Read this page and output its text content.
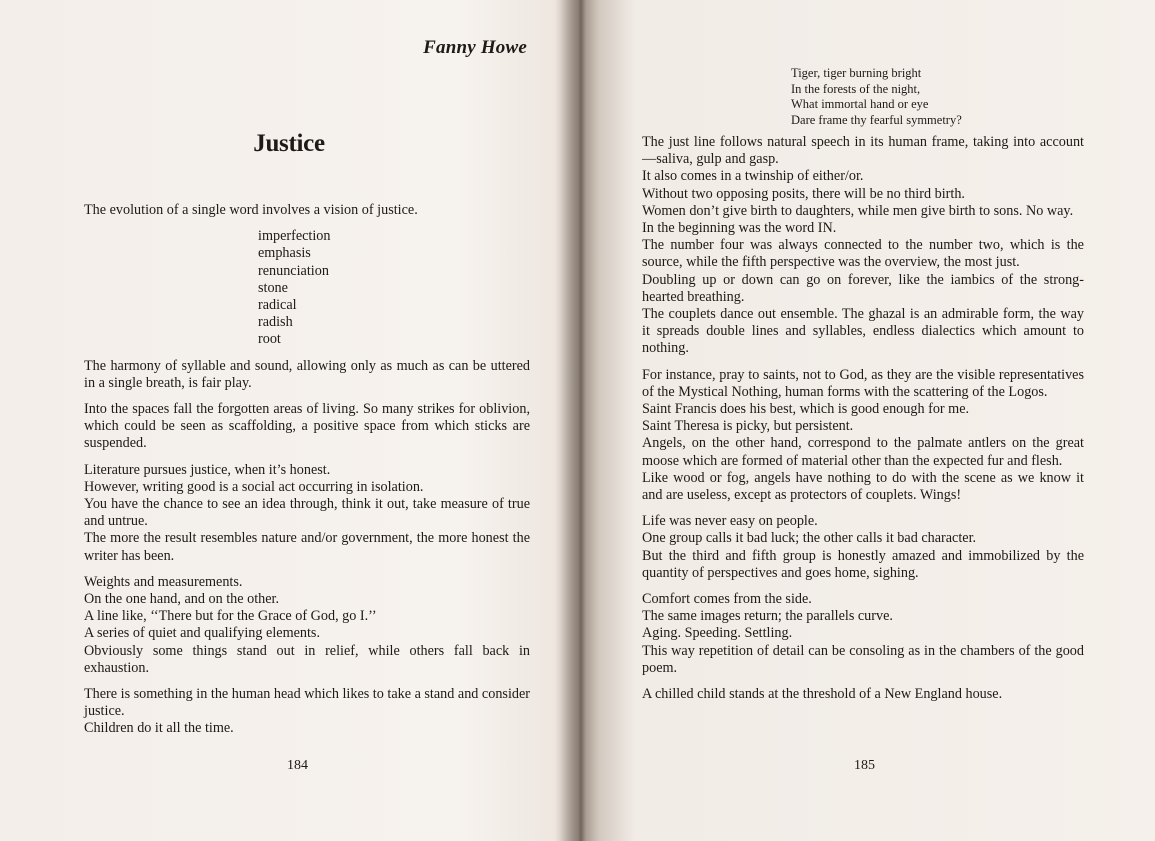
Fanny Howe
Justice

The evolution of a single word involves a vision of justice.

imperfection
emphasis
renunciation
stone
radical
radish
root

The harmony of syllable and sound, allowing only as much as can be uttered in a single breath, is fair play.

Into the spaces fall the forgotten areas of living. So many strikes for oblivion, which could be seen as scaffolding, a positive space from which sticks are suspended.

Literature pursues justice, when it’s honest.
However, writing good is a social act occurring in isolation.
You have the chance to see an idea through, think it out, take measure of true and untrue.
The more the result resembles nature and/or government, the more honest the writer has been.

Weights and measurements.
On the one hand, and on the other.
A line like, ‘‘There but for the Grace of God, go I.’’
A series of quiet and qualifying elements.
Obviously some things stand out in relief, while others fall back in exhaustion.

There is something in the human head which likes to take a stand and consider justice.
Children do it all the time.

184
Tiger, tiger burning bright
In the forests of the night,
What immortal hand or eye
Dare frame thy fearful symmetry?

The just line follows natural speech in its human frame, taking into account—saliva, gulp and gasp.
It also comes in a twinship of either/or.
Without two opposing posits, there will be no third birth.
Women don’t give birth to daughters, while men give birth to sons. No way.
In the beginning was the word IN.
The number four was always connected to the number two, which is the source, while the fifth perspective was the overview, the most just.
Doubling up or down can go on forever, like the iambics of the strong-hearted breathing.
The couplets dance out ensemble. The ghazal is an admirable form, the way it spreads double lines and syllables, endless dialectics which amount to nothing.

For instance, pray to saints, not to God, as they are the visible representatives of the Mystical Nothing, human forms with the scattering of the Logos.
Saint Francis does his best, which is good enough for me.
Saint Theresa is picky, but persistent.
Angels, on the other hand, correspond to the palmate antlers on the great moose which are formed of material other than the expected fur and flesh.
Like wood or fog, angels have nothing to do with the scene as we know it and are useless, except as protectors of couplets. Wings!

Life was never easy on people.
One group calls it bad luck; the other calls it bad character.
But the third and fifth group is honestly amazed and immobilized by the quantity of perspectives and goes home, sighing.

Comfort comes from the side.
The same images return; the parallels curve.
Aging. Speeding. Settling.
This way repetition of detail can be consoling as in the chambers of the good poem.

A chilled child stands at the threshold of a New England house.

185
